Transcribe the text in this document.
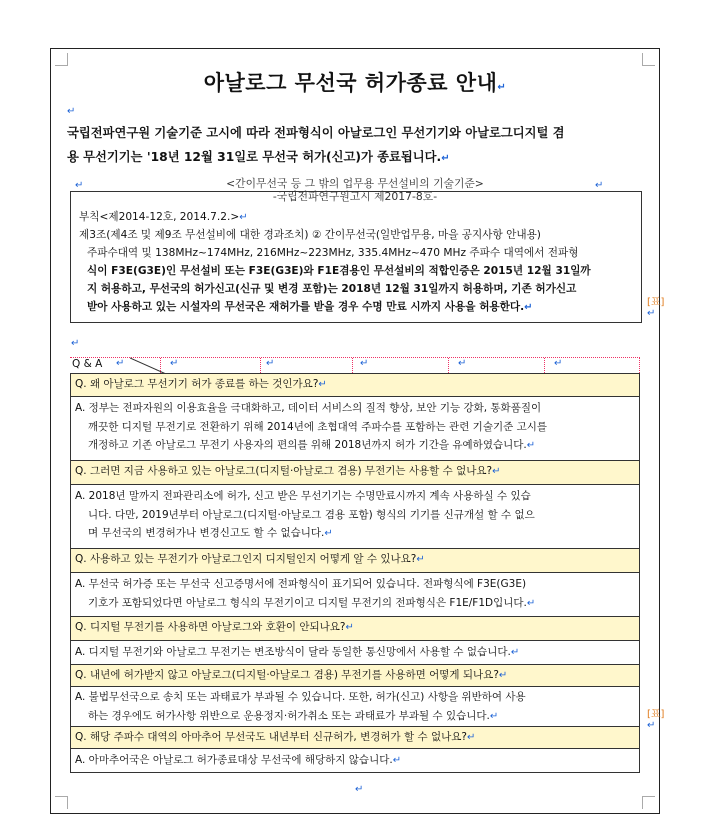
아날로그 무선국 허가종료 안내↵
↵
국립전파연구원 기술기준 고시에 따라 전파형식이 아날로그인 무선기기와 아날로그디지털 겸
용 무선기기는 '18년 12월 31일로 무선국 허가(신고)가 종료됩니다.↵
↵	↵
<간이무선국 등 그 밖의 업무용 무선설비의 기술기준>
-국립전파연구원고시 제2017-8호-
부칙<제2014-12호, 2014.7.2.>↵
제3조(제4조 및 제9조 무선설비에 대한 경과조치) ② 간이무선국(일반업무용, 마을 공지사항 안내용)
주파수대역 및 138MHz~174MHz, 216MHz~223MHz, 335.4MHz~470 MHz 주파수 대역에서 전파형
식이 F3E(G3E)인 무선설비 또는 F3E(G3E)와 F1E겸용인 무선설비의 적합인증은 2015년 12월 31일까
지 허용하고, 무선국의 허가신고(신규 및 변경 포함)는 2018년 12월 31일까지 허용하며, 기존 허가신고
받아 사용하고 있는 시설자의 무선국은 재허가를 받을 경우 수명 만료 시까지 사용을 허용한다.↵	[표] ↵
↵
Q & A ↵	↵	↵	↵	↵	↵
Q. 왜 아날로그 무선기기 허가 종료를 하는 것인가요?↵
A. 정부는 전파자원의 이용효율을 극대화하고, 데이터 서비스의 질적 향상, 보안 기능 강화, 통화품질이
깨끗한 디지털 무전기로 전환하기 위해 2014년에 초협대역 주파수를 포함하는 관련 기술기준 고시를
개정하고 기존 아날로그 무전기 사용자의 편의를 위해 2018년까지 허가 기간을 유예하였습니다.↵
Q. 그러면 지금 사용하고 있는 아날로그(디지털·아날로그 겸용) 무전기는 사용할 수 없나요?↵
A. 2018년 말까지 전파관리소에 허가, 신고 받은 무선기기는 수명만료시까지 계속 사용하실 수 있습
니다. 다만, 2019년부터 아날로그(디지털·아날로그 겸용 포함) 형식의 기기를 신규개설 할 수 없으
며 무선국의 변경허가나 변경신고도 할 수 없습니다.↵
Q. 사용하고 있는 무전기가 아날로그인지 디지털인지 어떻게 알 수 있나요?↵
A. 무선국 허가증 또는 무선국 신고증명서에 전파형식이 표기되어 있습니다. 전파형식에 F3E(G3E)
기호가 포함되었다면 아날로그 형식의 무전기이고 디지털 무전기의 전파형식은 F1E/F1D입니다.↵
Q. 디지털 무전기를 사용하면 아날로그와 호환이 안되나요?↵
A. 디지털 무전기와 아날로그 무전기는 변조방식이 달라 동일한 통신망에서 사용할 수 없습니다.↵
Q. 내년에 허가받지 않고 아날로그(디지털·아날로그 겸용) 무전기를 사용하면 어떻게 되나요?↵
A. 불법무선국으로 송치 또는 과태료가 부과될 수 있습니다. 또한, 허가(신고) 사항을 위반하여 사용
하는 경우에도 허가사항 위반으로 운용정지·허가취소 또는 과태료가 부과될 수 있습니다.↵
Q. 해당 주파수 대역의 아마추어 무선국도 내년부터 신규허가, 변경허가 할 수 없나요?↵
A. 아마추어국은 아날로그 허가종료대상 무선국에 해당하지 않습니다.↵
[표] ↵
↵
